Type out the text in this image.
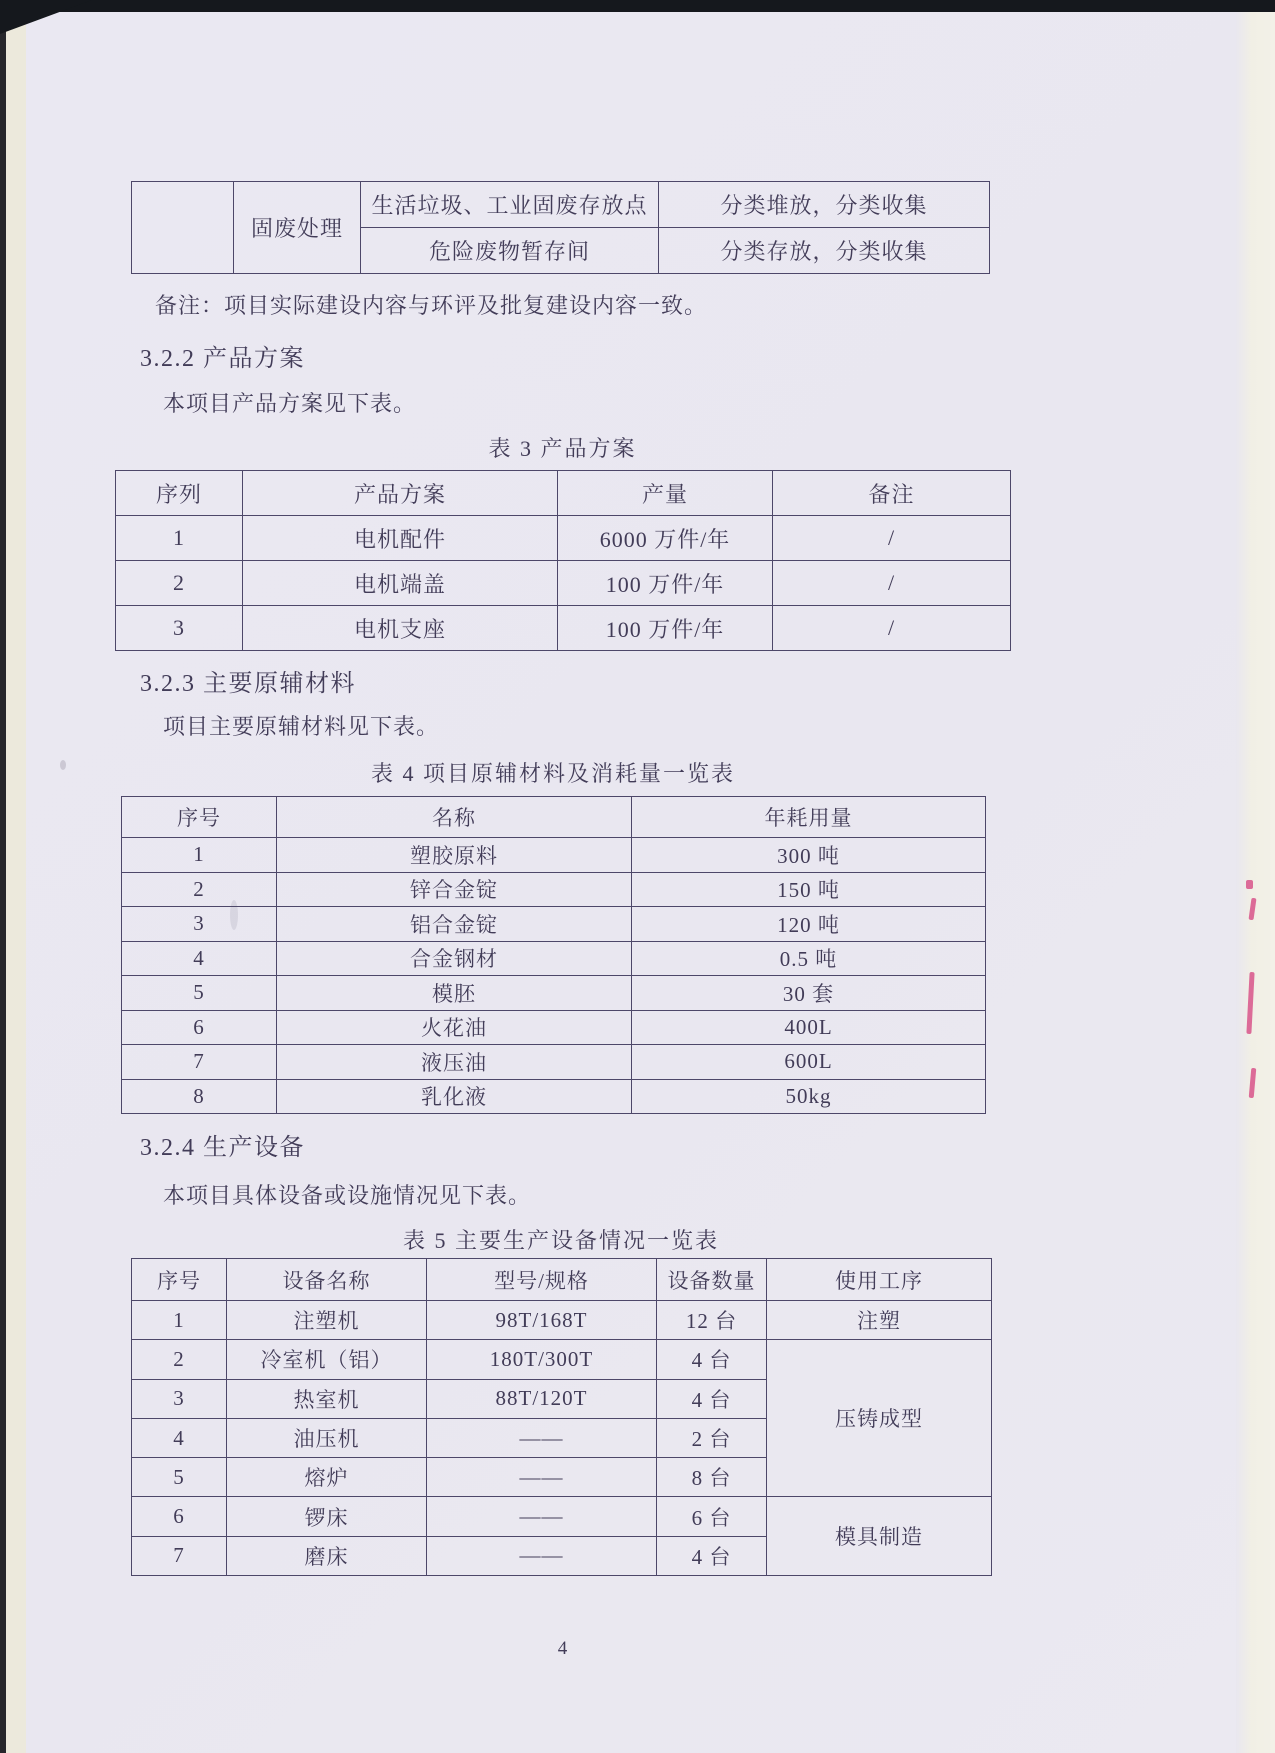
	固废处理	生活垃圾、工业固废存放点	分类堆放，分类收集
		危险废物暂存间	分类存放，分类收集
备注：项目实际建设内容与环评及批复建设内容一致。
3.2.2 产品方案
本项目产品方案见下表。
表 3 产品方案
序列	产品方案	产量	备注
1	电机配件	6000 万件/年	/
2	电机端盖	100 万件/年	/
3	电机支座	100 万件/年	/
3.2.3 主要原辅材料
项目主要原辅材料见下表。
表 4 项目原辅材料及消耗量一览表
序号	名称	年耗用量
1	塑胶原料	300 吨
2	锌合金锭	150 吨
3	铝合金锭	120 吨
4	合金钢材	0.5 吨
5	模胚	30 套
6	火花油	400L
7	液压油	600L
8	乳化液	50kg
3.2.4 生产设备
本项目具体设备或设施情况见下表。
表 5 主要生产设备情况一览表
序号	设备名称	型号/规格	设备数量	使用工序
1	注塑机	98T/168T	12 台	注塑
2	冷室机（铝）	180T/300T	4 台	压铸成型
3	热室机	88T/120T	4 台	
4	油压机	——	2 台	
5	熔炉	——	8 台	
6	锣床	——	6 台	模具制造
7	磨床	——	4 台	
4
